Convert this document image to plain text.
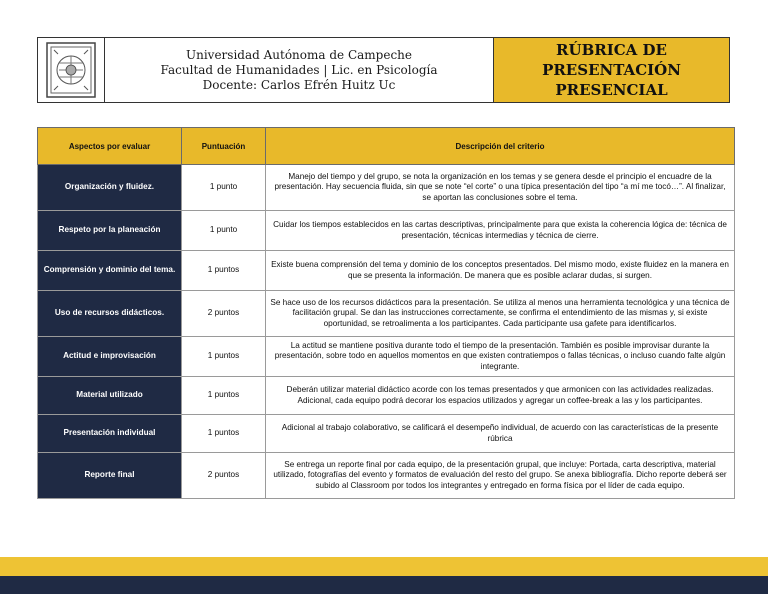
Universidad Autónoma de Campeche
Facultad de Humanidades | Lic. en Psicología
Docente: Carlos Efrén Huitz Uc
RÚBRICA DE
PRESENTACIÓN
PRESENCIAL
Aspectos por evaluar	Puntuación	Descripción del criterio
Organización y fluidez.	1 punto	Manejo del tiempo y del grupo, se nota la organización en los temas y se genera desde el principio el encuadre de la presentación. Hay secuencia fluida, sin que se note “el corte” o una típica presentación del tipo “a mí me tocó…”. Al finalizar, se aportan las conclusiones sobre el tema.
Respeto por la planeación	1 punto	Cuidar los tiempos establecidos en las cartas descriptivas, principalmente para que exista la coherencia lógica de: técnica de presentación, técnicas intermedias y técnica de cierre.
Comprensión y dominio del tema.	1 puntos	Existe buena comprensión del tema y dominio de los conceptos presentados. Del mismo modo, existe fluidez en la manera en que se presenta la información. De manera que es posible aclarar dudas, si surgen.
Uso de recursos didácticos.	2 puntos	Se hace uso de los recursos didácticos para la presentación. Se utiliza al menos una herramienta tecnológica y una técnica de facilitación grupal. Se dan las instrucciones correctamente, se confirma el entendimiento de las mismas y, si existe oportunidad, se retroalimenta a los participantes. Cada participante usa gafete para identificarlos.
Actitud e improvisación	1 puntos	La actitud se mantiene positiva durante todo el tiempo de la presentación. También es posible improvisar durante la presentación, sobre todo en aquellos momentos en que existen contratiempos o fallas técnicas, o incluso cuando falte algún integrante.
Material utilizado	1 puntos	Deberán utilizar material didáctico acorde con los temas presentados y que armonicen con las actividades realizadas. Adicional, cada equipo podrá decorar los espacios utilizados y agregar un coffee-break a las y los participantes.
Presentación individual	1 puntos	Adicional al trabajo colaborativo, se calificará el desempeño individual, de acuerdo con las características de la presente rúbrica
Reporte final	2 puntos	Se entrega un reporte final por cada equipo, de la presentación grupal, que incluye: Portada, carta descriptiva, material utilizado, fotografías del evento y formatos de evaluación del resto del grupo. Se anexa bibliografía. Dicho reporte deberá ser subido al Classroom por todos los integrantes y entregado en forma física por el líder de cada equipo.
